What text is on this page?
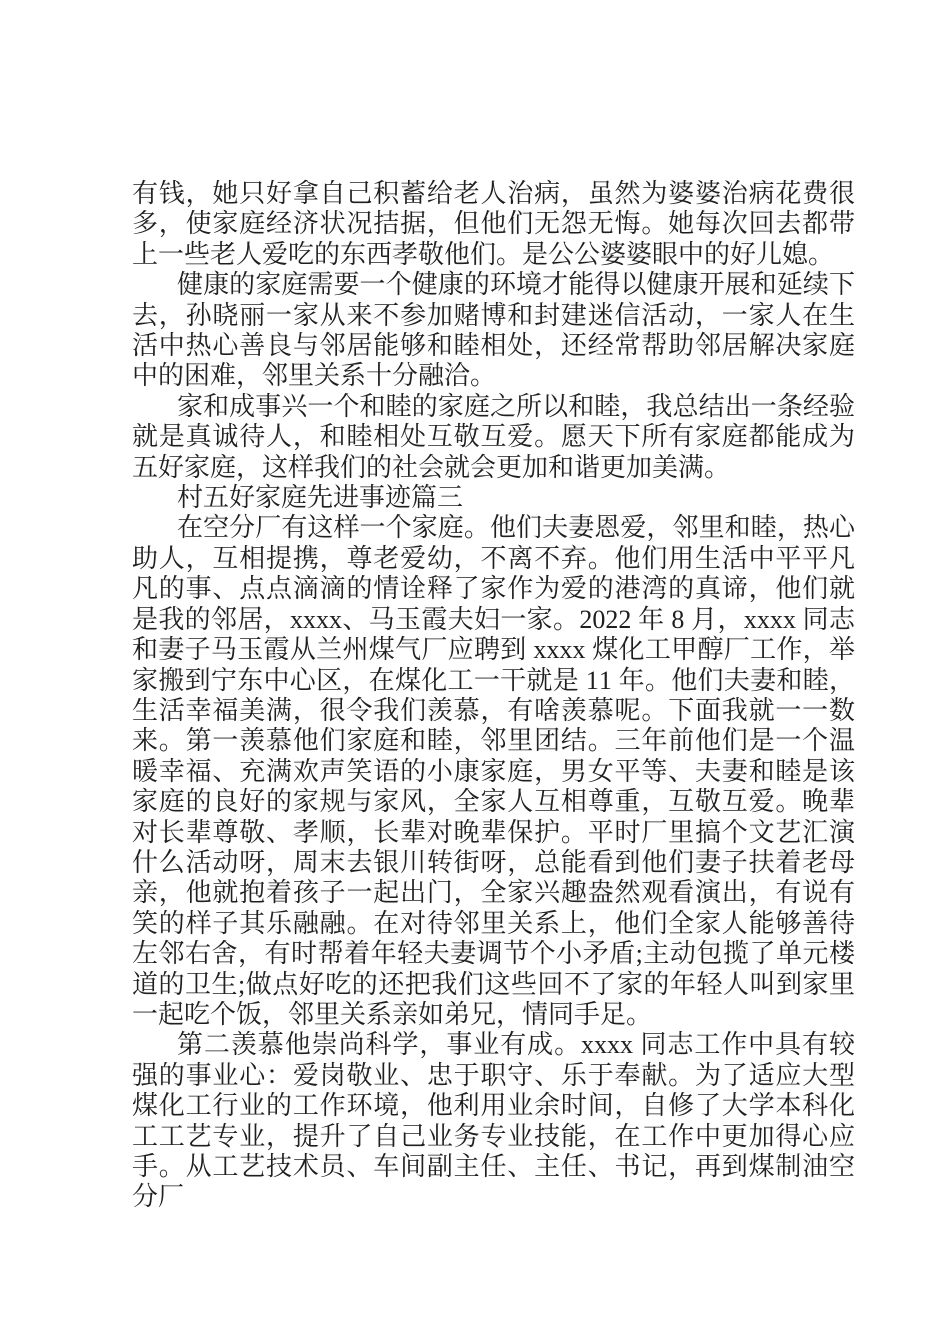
有钱，她只好拿自己积蓄给老人治病，虽然为婆婆治病花费很多，使家庭经济状况拮据，但他们无怨无悔。她每次回去都带上一些老人爱吃的东西孝敬他们。是公公婆婆眼中的好儿媳。

健康的家庭需要一个健康的环境才能得以健康开展和延续下去，孙晓丽一家从来不参加赌博和封建迷信活动，一家人在生活中热心善良与邻居能够和睦相处，还经常帮助邻居解决家庭中的困难，邻里关系十分融洽。

家和成事兴一个和睦的家庭之所以和睦，我总结出一条经验就是真诚待人，和睦相处互敬互爱。愿天下所有家庭都能成为五好家庭，这样我们的社会就会更加和谐更加美满。

村五好家庭先进事迹篇三

在空分厂有这样一个家庭。他们夫妻恩爱，邻里和睦，热心助人，互相提携，尊老爱幼，不离不弃。他们用生活中平平凡凡的事、点点滴滴的情诠释了家作为爱的港湾的真谛，他们就是我的邻居，xxxx、马玉霞夫妇一家。2022 年 8 月，xxxx 同志和妻子马玉霞从兰州煤气厂应聘到 xxxx 煤化工甲醇厂工作，举家搬到宁东中心区，在煤化工一干就是 11 年。他们夫妻和睦，生活幸福美满，很令我们羡慕，有啥羡慕呢。下面我就一一数来。第一羡慕他们家庭和睦，邻里团结。三年前他们是一个温暖幸福、充满欢声笑语的小康家庭，男女平等、夫妻和睦是该家庭的良好的家规与家风，全家人互相尊重，互敬互爱。晚辈对长辈尊敬、孝顺，长辈对晚辈保护。平时厂里搞个文艺汇演什么活动呀，周末去银川转街呀，总能看到他们妻子扶着老母亲，他就抱着孩子一起出门，全家兴趣盎然观看演出，有说有笑的样子其乐融融。在对待邻里关系上，他们全家人能够善待左邻右舍，有时帮着年轻夫妻调节个小矛盾;主动包揽了单元楼道的卫生;做点好吃的还把我们这些回不了家的年轻人叫到家里一起吃个饭，邻里关系亲如弟兄，情同手足。

第二羡慕他崇尚科学，事业有成。xxxx 同志工作中具有较强的事业心：爱岗敬业、忠于职守、乐于奉献。为了适应大型煤化工行业的工作环境，他利用业余时间，自修了大学本科化工工艺专业，提升了自己业务专业技能，在工作中更加得心应手。从工艺技术员、车间副主任、主任、书记，再到煤制油空分厂
